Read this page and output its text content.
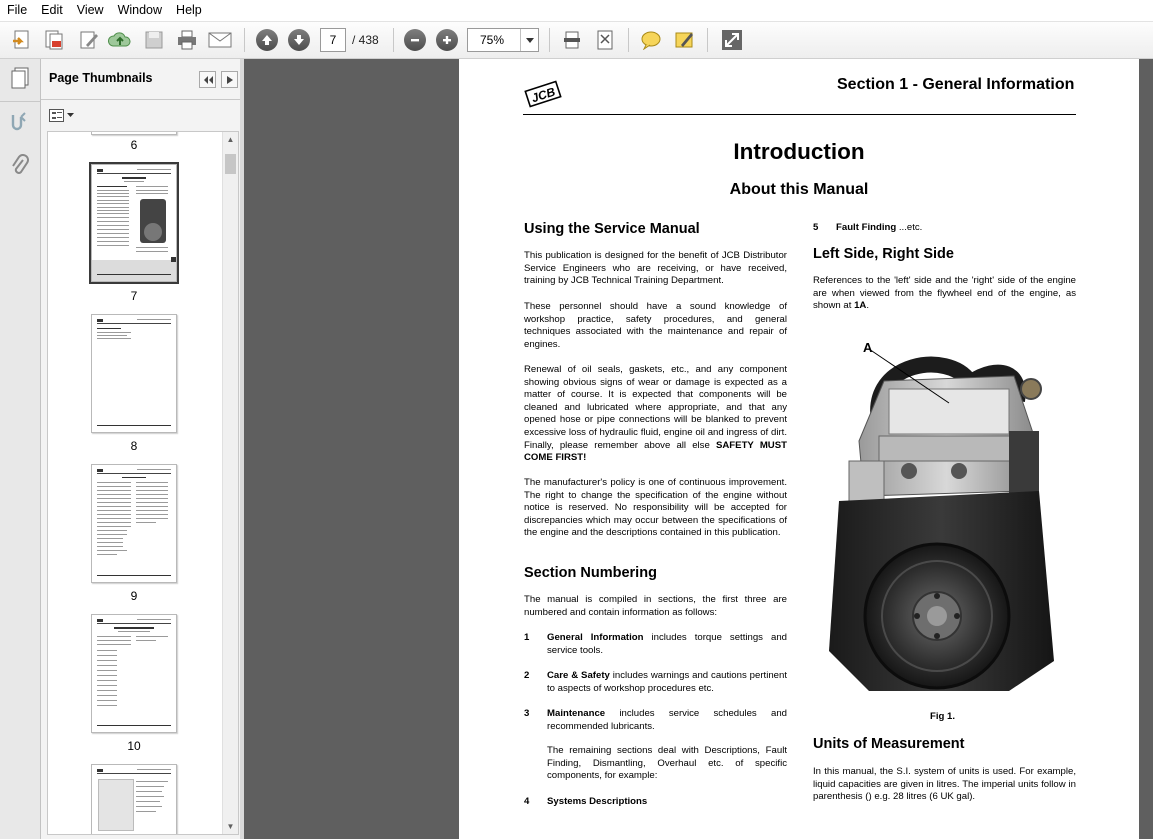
File	Edit	View	Window	Help
7	/ 438	75%
Page Thumbnails
6
7
8
9
10
▲
▼
JCB
Section 1 - General Information
Introduction
About this Manual
Using the Service Manual
This publication is designed for the benefit of JCB Distributor Service Engineers who are receiving, or have received, training by JCB Technical Training Department.
These personnel should have a sound knowledge of workshop practice, safety procedures, and general techniques associated with the maintenance and repair of engines.
Renewal of oil seals, gaskets, etc., and any component showing obvious signs of wear or damage is expected as a matter of course. It is expected that components will be cleaned and lubricated where appropriate, and that any opened hose or pipe connections will be blanked to prevent excessive loss of hydraulic fluid, engine oil and ingress of dirt. Finally, please remember above all else SAFETY MUST COME FIRST!
The manufacturer's policy is one of continuous improvement. The right to change the specification of the engine without notice is reserved. No responsibility will be accepted for discrepancies which may occur between the specifications of the engine and the descriptions contained in this publication.
Section Numbering
The manual is compiled in sections, the first three are numbered and contain information as follows:
1 General Information includes torque settings and service tools.
2 Care & Safety includes warnings and cautions pertinent to aspects of workshop procedures etc.
3 Maintenance includes service schedules and recommended lubricants.
The remaining sections deal with Descriptions, Fault Finding, Dismantling, Overhaul etc. of specific components, for example:
4 Systems Descriptions
5 Fault Finding ...etc.
Left Side, Right Side
References to the 'left' side and the 'right' side of the engine are when viewed from the flywheel end of the engine, as shown at 1A.
A
Fig 1.
Units of Measurement
In this manual, the S.I. system of units is used. For example, liquid capacities are given in litres. The imperial units follow in parenthesis () e.g. 28 litres (6 UK gal).
